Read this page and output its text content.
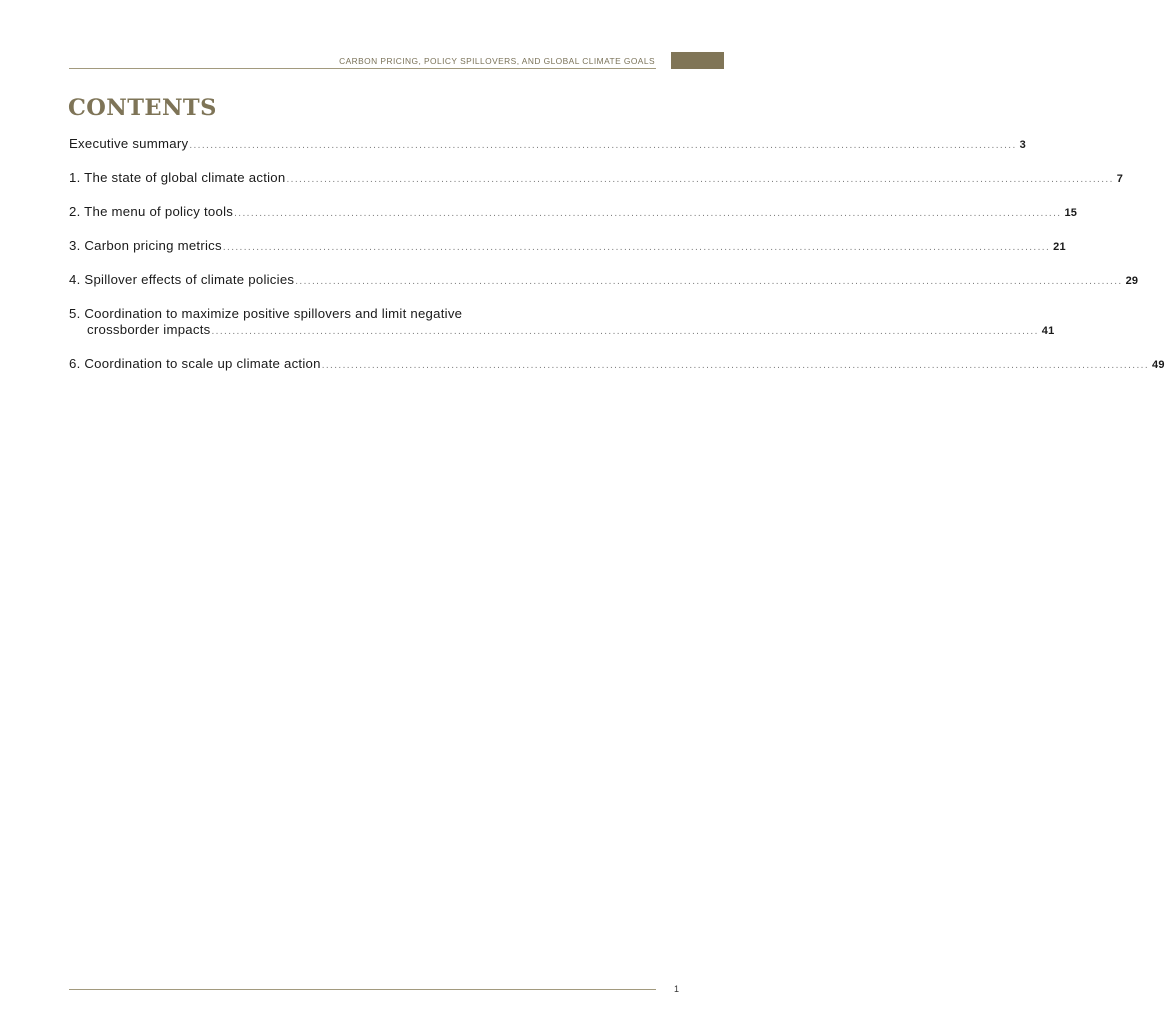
CARBON PRICING, POLICY SPILLOVERS, AND GLOBAL CLIMATE GOALS
CONTENTS
Executive summary ...................................................................................................................................................................................................... 3
1. The state of global climate action ...................................................................................................................................................................................................... 7
2. The menu of policy tools ...................................................................................................................................................................................................... 15
3. Carbon pricing metrics ...................................................................................................................................................................................................... 21
4. Spillover effects of climate policies ...................................................................................................................................................................................................... 29
5. Coordination to maximize positive spillovers and limit negative
crossborder impacts ...................................................................................................................................................................................................... 41
6. Coordination to scale up climate action ...................................................................................................................................................................................................... 49
1
